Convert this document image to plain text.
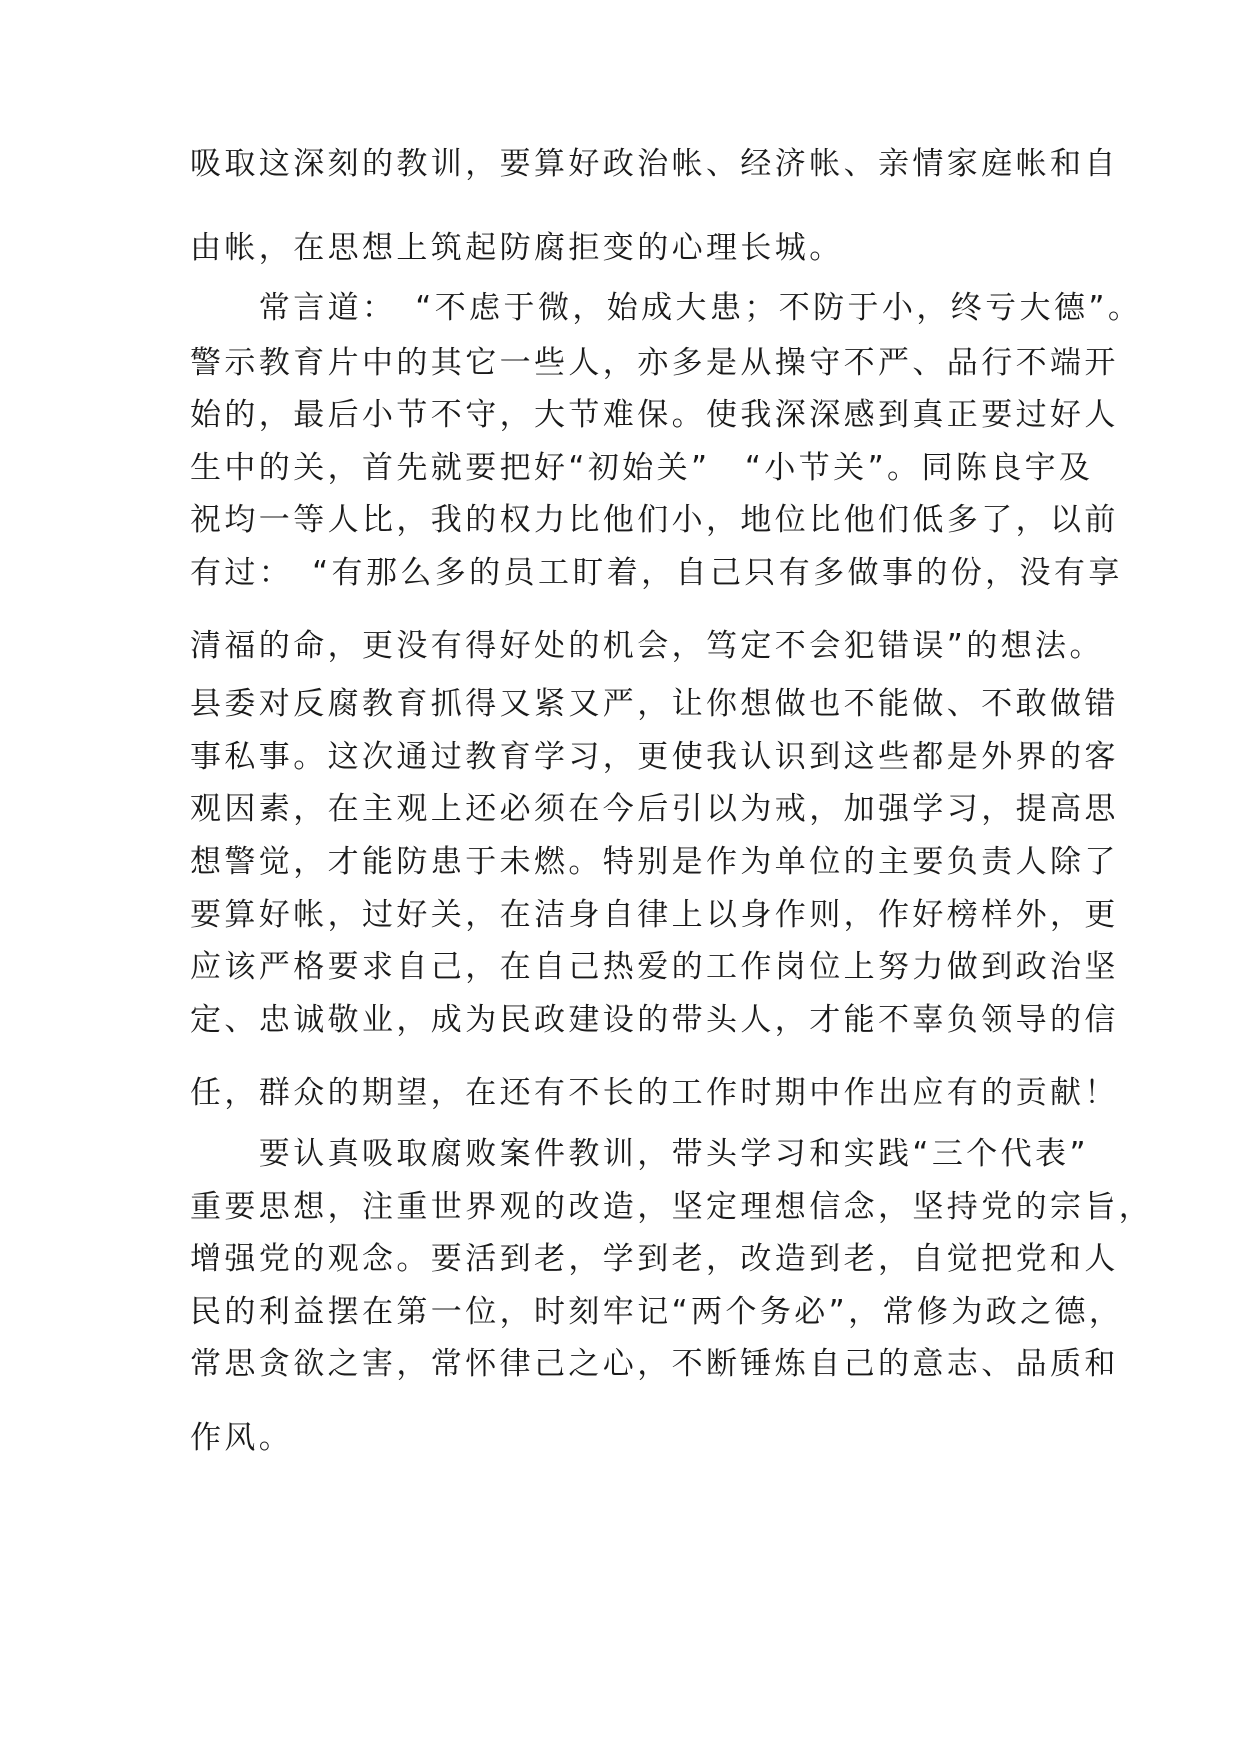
吸取这深刻的教训，要算好政治帐、经济帐、亲情家庭帐和自
由帐，在思想上筑起防腐拒变的心理长城。
　　常言道：　“不虑于微，始成大患；不防于小，终亏大德”。
警示教育片中的其它一些人，亦多是从操守不严、品行不端开
始的，最后小节不守，大节难保。使我深深感到真正要过好人
生中的关，首先就要把好“初始关”　“小节关”。同陈良宇及
祝均一等人比，我的权力比他们小，地位比他们低多了，以前
有过：　“有那么多的员工盯着，自己只有多做事的份，没有享
清福的命，更没有得好处的机会，笃定不会犯错误”的想法。
县委对反腐教育抓得又紧又严，让你想做也不能做、不敢做错
事私事。这次通过教育学习，更使我认识到这些都是外界的客
观因素，在主观上还必须在今后引以为戒，加强学习，提高思
想警觉，才能防患于未燃。特别是作为单位的主要负责人除了
要算好帐，过好关，在洁身自律上以身作则，作好榜样外，更
应该严格要求自己，在自己热爱的工作岗位上努力做到政治坚
定、忠诚敬业，成为民政建设的带头人，才能不辜负领导的信
任，群众的期望，在还有不长的工作时期中作出应有的贡献！
　　要认真吸取腐败案件教训，带头学习和实践“三个代表”
重要思想，注重世界观的改造，坚定理想信念，坚持党的宗旨，
增强党的观念。要活到老，学到老，改造到老，自觉把党和人
民的利益摆在第一位，时刻牢记“两个务必”，常修为政之德，
常思贪欲之害，常怀律己之心，不断锤炼自己的意志、品质和
作风。
